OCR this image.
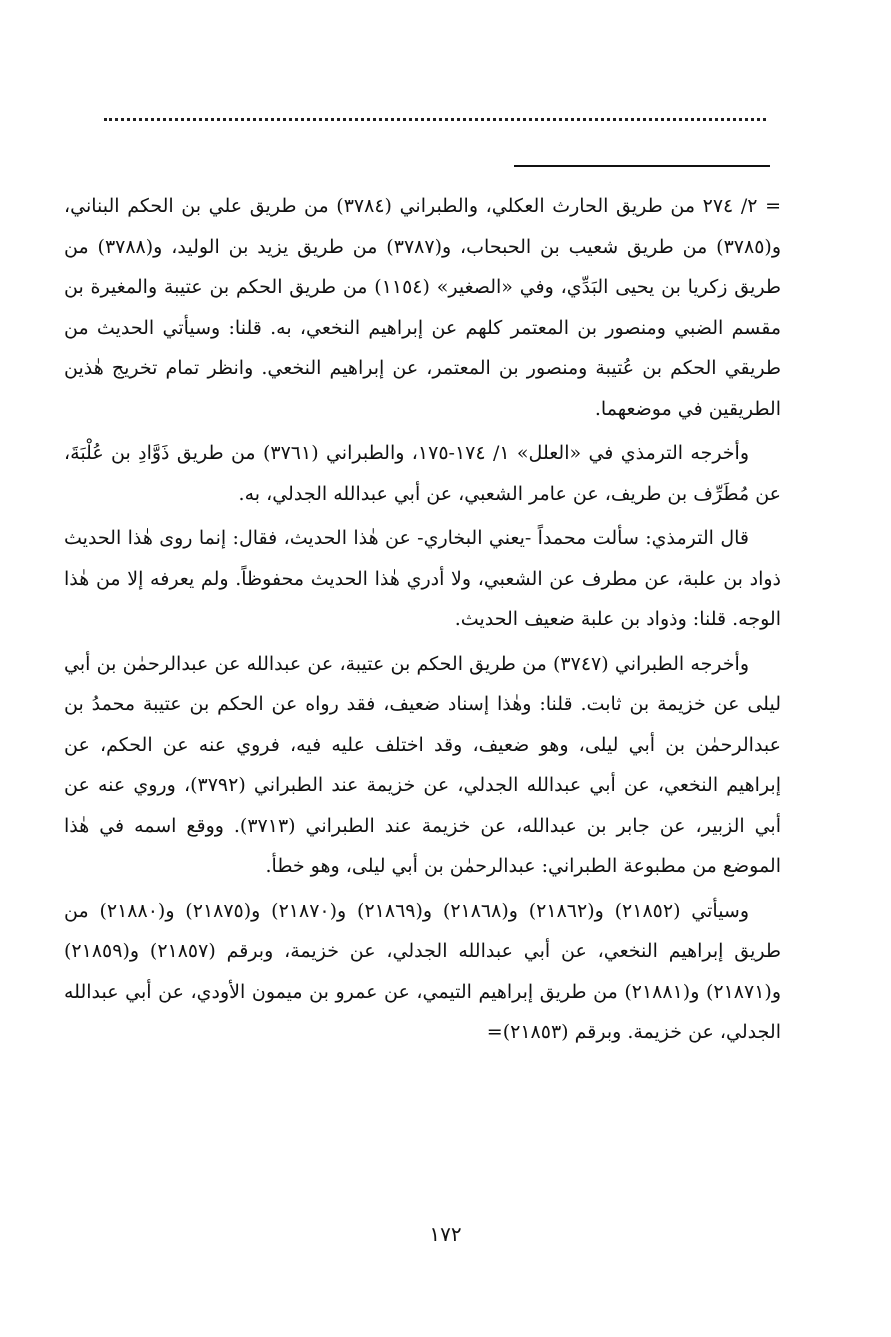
= ٢/ ٢٧٤ من طريق الحارث العكلي، والطبراني (٣٧٨٤) من طريق علي بن الحكم البناني، و(٣٧٨٥) من طريق شعيب بن الحبحاب، و(٣٧٨٧) من طريق يزيد بن الوليد، و(٣٧٨٨) من طريق زكريا بن يحيى البَدِّي، وفي «الصغير» (١١٥٤) من طريق الحكم بن عتيبة والمغيرة بن مقسم الضبي ومنصور بن المعتمر كلهم عن إبراهيم النخعي، به. قلنا: وسيأتي الحديث من طريقي الحكم بن عُتيبة ومنصور بن المعتمر، عن إبراهيم النخعي. وانظر تمام تخريج هٰذين الطريقين في موضعهما.

وأخرجه الترمذي في «العلل» ١/ ١٧٤-١٧٥، والطبراني (٣٧٦١) من طريق ذَوَّادِ بن عُلْبَةَ، عن مُطَرِّف بن طريف، عن عامر الشعبي، عن أبي عبدالله الجدلي، به.

قال الترمذي: سألت محمداً -يعني البخاري- عن هٰذا الحديث، فقال: إنما روى هٰذا الحديث ذواد بن علبة، عن مطرف عن الشعبي، ولا أدري هٰذا الحديث محفوظاً. ولم يعرفه إلا من هٰذا الوجه. قلنا: وذواد بن علبة ضعيف الحديث.

وأخرجه الطبراني (٣٧٤٧) من طريق الحكم بن عتيبة، عن عبدالله عن عبدالرحمٰن بن أبي ليلى عن خزيمة بن ثابت. قلنا: وهٰذا إسناد ضعيف، فقد رواه عن الحكم بن عتيبة محمدُ بن عبدالرحمٰن بن أبي ليلى، وهو ضعيف، وقد اختلف عليه فيه، فروي عنه عن الحكم، عن إبراهيم النخعي، عن أبي عبدالله الجدلي، عن خزيمة عند الطبراني (٣٧٩٢)، وروي عنه عن أبي الزبير، عن جابر بن عبدالله، عن خزيمة عند الطبراني (٣٧١٣). ووقع اسمه في هٰذا الموضع من مطبوعة الطبراني: عبدالرحمٰن بن أبي ليلى، وهو خطأ.

وسيأتي (٢١٨٥٢) و(٢١٨٦٢) و(٢١٨٦٨) و(٢١٨٦٩) و(٢١٨٧٠) و(٢١٨٧٥) و(٢١٨٨٠) من طريق إبراهيم النخعي، عن أبي عبدالله الجدلي، عن خزيمة، وبرقم (٢١٨٥٧) و(٢١٨٥٩) و(٢١٨٧١) و(٢١٨٨١) من طريق إبراهيم التيمي، عن عمرو بن ميمون الأودي، عن أبي عبدالله الجدلي، عن خزيمة. وبرقم (٢١٨٥٣)=

١٧٢
